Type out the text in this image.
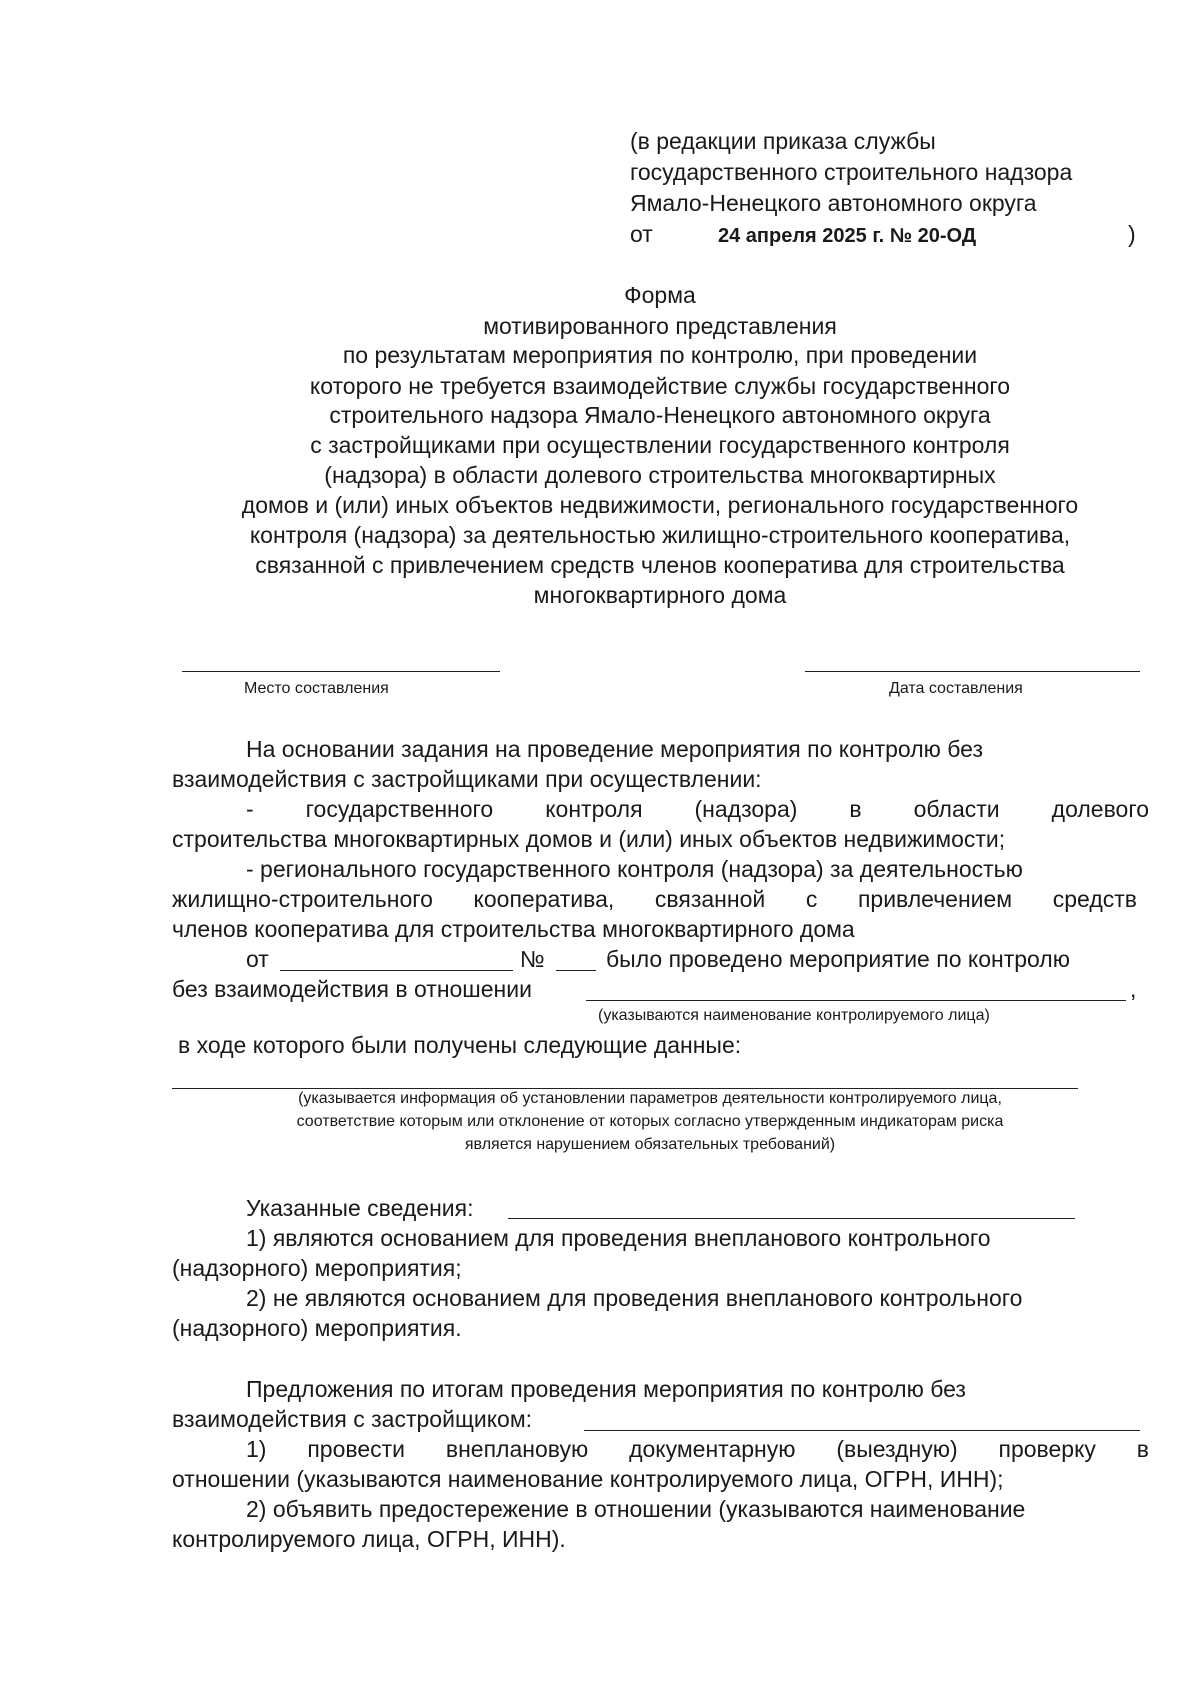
(в редакции приказа службы
государственного строительного надзора
Ямало-Ненецкого автономного округа
от	24 апреля 2025 г. № 20-ОД	)
Форма
мотивированного представления
по результатам мероприятия по контролю, при проведении
которого не требуется взаимодействие службы государственного
строительного надзора Ямало-Ненецкого автономного округа
с застройщиками при осуществлении государственного контроля
(надзора) в области долевого строительства многоквартирных
домов и (или) иных объектов недвижимости, регионального государственного
контроля (надзора) за деятельностью жилищно-строительного кооператива,
связанной с привлечением средств членов кооператива для строительства
многоквартирного дома
Место составления	Дата составления
На основании задания на проведение мероприятия по контролю без
взаимодействия с застройщиками при осуществлении:
- государственного контроля (надзора) в области долевого
строительства многоквартирных домов и (или) иных объектов недвижимости;
- регионального государственного контроля (надзора) за деятельностью
жилищно-строительного кооператива, связанной с привлечением средств
членов кооператива для строительства многоквартирного дома
от	№	было проведено мероприятие по контролю
без взаимодействия в отношении	,
(указываются наименование контролируемого лица)
в ходе которого были получены следующие данные:
(указывается информация об установлении параметров деятельности контролируемого лица,
соответствие которым или отклонение от которых согласно утвержденным индикаторам риска
является нарушением обязательных требований)
Указанные сведения:
1) являются основанием для проведения внепланового контрольного
(надзорного) мероприятия;
2) не являются основанием для проведения внепланового контрольного
(надзорного) мероприятия.
Предложения по итогам проведения мероприятия по контролю без
взаимодействия с застройщиком:
1) провести внеплановую документарную (выездную) проверку в
отношении (указываются наименование контролируемого лица, ОГРН, ИНН);
2) объявить предостережение в отношении (указываются наименование
контролируемого лица, ОГРН, ИНН).
